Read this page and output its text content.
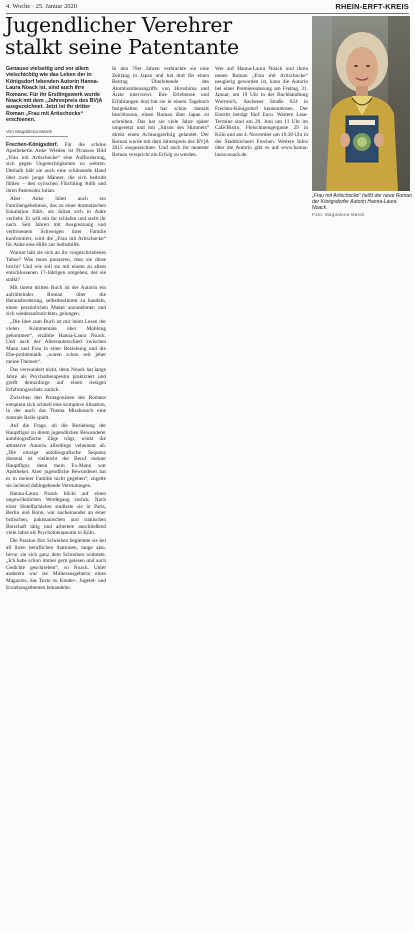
4. Woche · 25. Januar 2020	RHEIN-ERFT-KREIS
Jugendlicher Verehrer
stalkt seine Patentante
Genauso vielseitig und vor allem vielschichtig wie das Leben der in Königsdorf lebenden Autorin Hanna-Laura Noack ist, sind auch ihre Romane. Für ihr Erstlingswerk wurde Noack mit dem „Jahrespreis des BVjA ausgezeichnet. Jetzt ist ihr dritter Roman „Frau mit Artischocke“ erschienen.
Von Magdalena Marek

Frechen-Königsdorf. Für die schöne Apothekerin Anke Wieden ist Picassos Bild „Frau mit Artischocke“ eine Aufforderung, sich gegen Ungerechtigkeiten zu wehren. Deshalb hält sie auch eine schützende Hand über zwei junge Männer, die sich bedroht fühlen – den syrischen Flüchtling Adib und ihren Patensohn Julian.

Aber Anke hütet auch ein Familiengeheimnis, das zu einer dramatischen Eskalation führt, als Julian sich in Anke verliebt. Er will mit ihr schlafen und stellt ihr nach. Seit Jahren mit Ausgrenzung und verbissenem Schweigen ihrer Familie konfrontiert, wird die „Frau mit Artischocke“ für Anke eine Hilfe zur Selbsthilfe.

Warum hält sie sich an ihr vorgeschriebenes Tabus? Was muss passieren, dass sie diese bricht? Und wie soll sie mit einem zu allem entschlossenen 17-Jährigen umgehen, der sie stalkt?

Mit ihrem dritten Buch ist der Autorin ein aufrüttelnder Roman über die Herausforderung, selbstbestimmt zu handeln, einen persönlichen Makel anzunehmen und sich wiederaufzurichten, gelungen.

„Die Idee zum Buch ist mir beim Lesen der vielen Kommentare über Mobbing gekommen“, erzählte Hanna-Laura Noack. Und auch der Altersunterschied zwischen Mann und Frau in einer Beziehung und die Ehe-problematik „waren schon seit jeher meine Themen“.

Das verwundert nicht, denn Noack hat lange Jahre als Psychotherapeutin praktiziert und greift demzufolge auf einen riesigen Erfahrungsschatz zurück.

Zwischen den Protagonisten des Romans entspinnt sich schnell eine komplexe Situation, in der auch das Thema Missbrauch eine zentrale Rolle spielt.

Auf die Frage, ob die Beziehung der Hauptfigur zu ihrem jugendlichen Bewunderer autobiografische Züge trägt, winkt die attraktive Autorin allerdings vehement ab. „Die einzige autobiografische Sequenz diesmal ist vielleicht der Beruf meiner Hauptfigur, denn mein Ex-Mann war Apotheker. Aber jugendliche Bewunderer hat es in meiner Familie nicht gegeben“, zügelte sie lachend dahingehende Vermutungen.

Hanna-Laura Noack blickt auf einen ungewöhnlichen Werdegang zurück. Nach einer Hotelfachlehre studierte sie in Paris, Berlin und Bonn, war nacheinander an einer britischen, pakistanischen und iranischen Botschaft tätig und arbeitete anschließend viele Jahre als Psychotherapeutin in Köln.

Die Passion fürs Schreiben begleitete sie bei all ihren beruflichen Stationen, lange also, bevor sie sich ganz dem Schreiben widmete. „Ich habe schon immer gern gelesen und auch Gedichte geschrieben“, so Noack. Unter anderem war sie Mitherausgeberin eines Magazins, das Texte zu Kinder-, Jugend- und Erziehungsthemen behandelte.

In den 70er Jahren verbrachte sie eine Zeitlang in Japan und hat dort für einen Beitrag Überlebende des Atombombenangriffs von Hiroshima und Ärzte interviewt. Ihre Erlebnisse und Erfahrungen dort hat sie in einem Tagebuch festgehalten und hat schon damals beschlossen, einen Roman über Japan zu schreiben. Das hat sie viele Jahre später umgesetzt und mit „Strom des Himmels“ direkt einen Achtungserfolg gelandet. Der Roman wurde mit dem Jahrespreis des BVjA 2015 ausgezeichnet. Und auch ihr neuester Roman verspricht ein Erfolg zu werden.

Wer auf Hanna-Laura Noack und ihren neuen Roman „Frau mit Artischocke“ neugierig geworden ist, kann die Autorin bei einer Premierenlesung am Freitag, 31. Januar, um 19 Uhr in der Buchhandlung Wortreich, Aachener Straße 624 in Frechen-Königsdorf kennenlernen. Der Eintritt beträgt fünf Euro. Weitere Lese-Termine sind am 20. Juni um 11 Uhr im Café/Bistro, Fleischmengergasse 29 in Köln und am 4. November um 19.30 Uhr in der Stadtbücherei Frechen. Weitere Infos über die Autorin gibt es auf www.hanna-laura-noack.de

„Frau mit Artischocke“ heißt der neue Roman der Königsdorfer Autorin Hanna-Laura Noack.
Foto: Magdalena Marek
